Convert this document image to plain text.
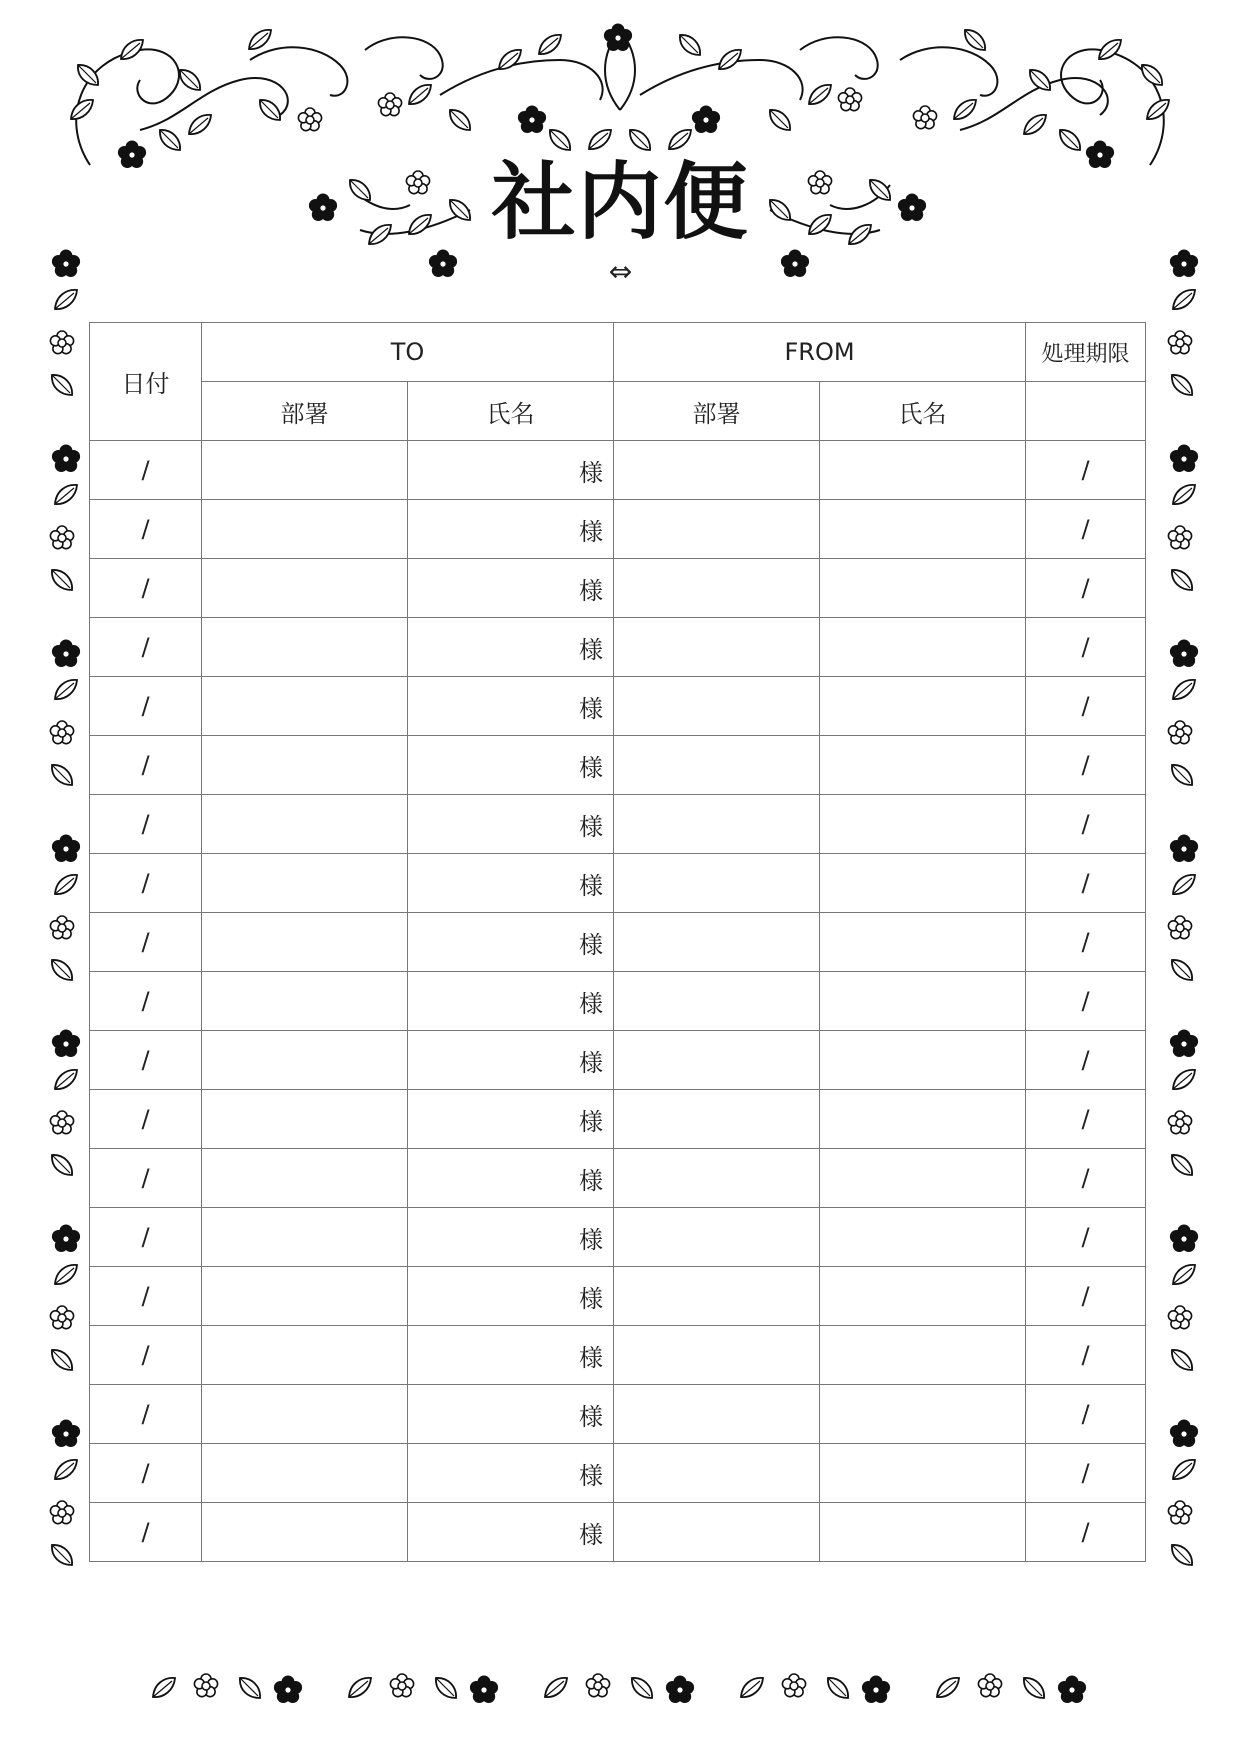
社内便
⇔
日付	TO		FROM		処理期限
	部署	氏名	部署	氏名	
/		様			/
/		様			/
/		様			/
/		様			/
/		様			/
/		様			/
/		様			/
/		様			/
/		様			/
/		様			/
/		様			/
/		様			/
/		様			/
/		様			/
/		様			/
/		様			/
/		様			/
/		様			/
/		様			/
